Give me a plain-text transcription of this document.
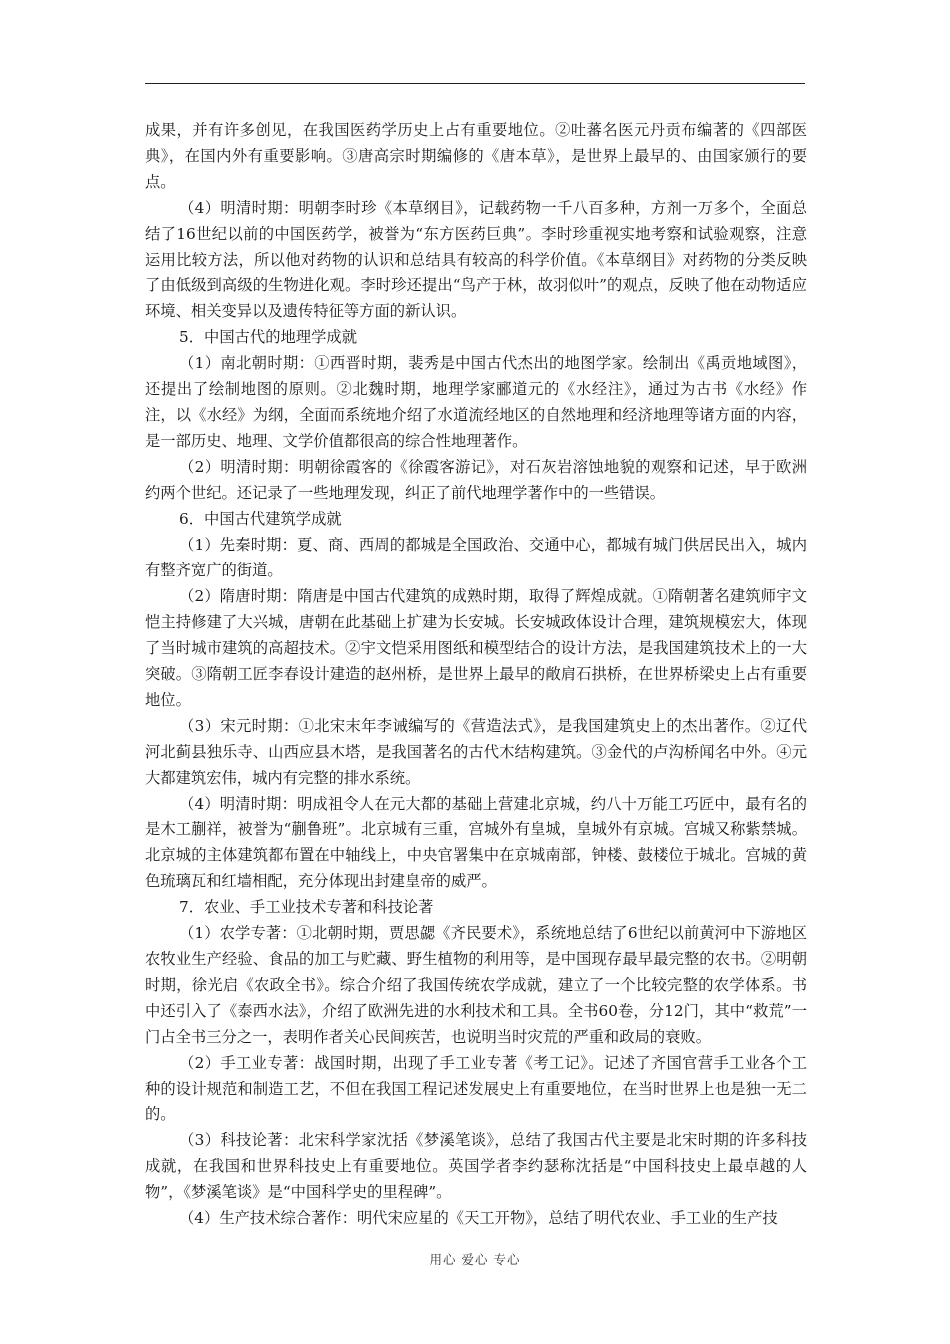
成果，并有许多创见，在我国医药学历史上占有重要地位。②吐蕃名医元丹贡布编著的《四部医典》，在国内外有重要影响。③唐高宗时期编修的《唐本草》，是世界上最早的、由国家颁行的要点。

（4）明清时期：明朝李时珍《本草纲目》，记载药物一千八百多种，方剂一万多个，全面总结了16世纪以前的中国医药学，被誉为“东方医药巨典”。李时珍重视实地考察和试验观察，注意运用比较方法，所以他对药物的认识和总结具有较高的科学价值。《本草纲目》对药物的分类反映了由低级到高级的生物进化观。李时珍还提出“鸟产于林，故羽似叶”的观点，反映了他在动物适应环境、相关变异以及遗传特征等方面的新认识。

5．中国古代的地理学成就

（1）南北朝时期：①西晋时期，裴秀是中国古代杰出的地图学家。绘制出《禹贡地域图》，还提出了绘制地图的原则。②北魏时期，地理学家郦道元的《水经注》，通过为古书《水经》作注，以《水经》为纲，全面而系统地介绍了水道流经地区的自然地理和经济地理等诸方面的内容，是一部历史、地理、文学价值都很高的综合性地理著作。

（2）明清时期：明朝徐霞客的《徐霞客游记》，对石灰岩溶蚀地貌的观察和记述，早于欧洲约两个世纪。还记录了一些地理发现，纠正了前代地理学著作中的一些错误。

6．中国古代建筑学成就

（1）先秦时期：夏、商、西周的都城是全国政治、交通中心，都城有城门供居民出入，城内有整齐宽广的街道。

（2）隋唐时期：隋唐是中国古代建筑的成熟时期，取得了辉煌成就。①隋朝著名建筑师宇文恺主持修建了大兴城，唐朝在此基础上扩建为长安城。长安城政体设计合理，建筑规模宏大，体现了当时城市建筑的高超技术。②宇文恺采用图纸和模型结合的设计方法，是我国建筑技术上的一大突破。③隋朝工匠李春设计建造的赵州桥，是世界上最早的敞肩石拱桥，在世界桥梁史上占有重要地位。

（3）宋元时期：①北宋末年李诫编写的《营造法式》，是我国建筑史上的杰出著作。②辽代河北蓟县独乐寺、山西应县木塔，是我国著名的古代木结构建筑。③金代的卢沟桥闻名中外。④元大都建筑宏伟，城内有完整的排水系统。

（4）明清时期：明成祖令人在元大都的基础上营建北京城，约八十万能工巧匠中，最有名的是木工蒯祥，被誉为“蒯鲁班”。北京城有三重，宫城外有皇城，皇城外有京城。宫城又称紫禁城。北京城的主体建筑都布置在中轴线上，中央官署集中在京城南部，钟楼、鼓楼位于城北。宫城的黄色琉璃瓦和红墙相配，充分体现出封建皇帝的威严。

7．农业、手工业技术专著和科技论著

（1）农学专著：①北朝时期，贾思勰《齐民要术》，系统地总结了6世纪以前黄河中下游地区农牧业生产经验、食品的加工与贮藏、野生植物的利用等，是中国现存最早最完整的农书。②明朝时期，徐光启《农政全书》。综合介绍了我国传统农学成就，建立了一个比较完整的农学体系。书中还引入了《泰西水法》，介绍了欧洲先进的水利技术和工具。全书60卷，分12门，其中“救荒”一门占全书三分之一，表明作者关心民间疾苦，也说明当时灾荒的严重和政局的衰败。

（2）手工业专著：战国时期，出现了手工业专著《考工记》。记述了齐国官营手工业各个工种的设计规范和制造工艺，不但在我国工程记述发展史上有重要地位，在当时世界上也是独一无二的。

（3）科技论著：北宋科学家沈括《梦溪笔谈》，总结了我国古代主要是北宋时期的许多科技成就，在我国和世界科技史上有重要地位。英国学者李约瑟称沈括是“中国科技史上最卓越的人物”，《梦溪笔谈》是“中国科学史的里程碑”。

（4）生产技术综合著作：明代宋应星的《天工开物》，总结了明代农业、手工业的生产技

用心 爱心 专心
